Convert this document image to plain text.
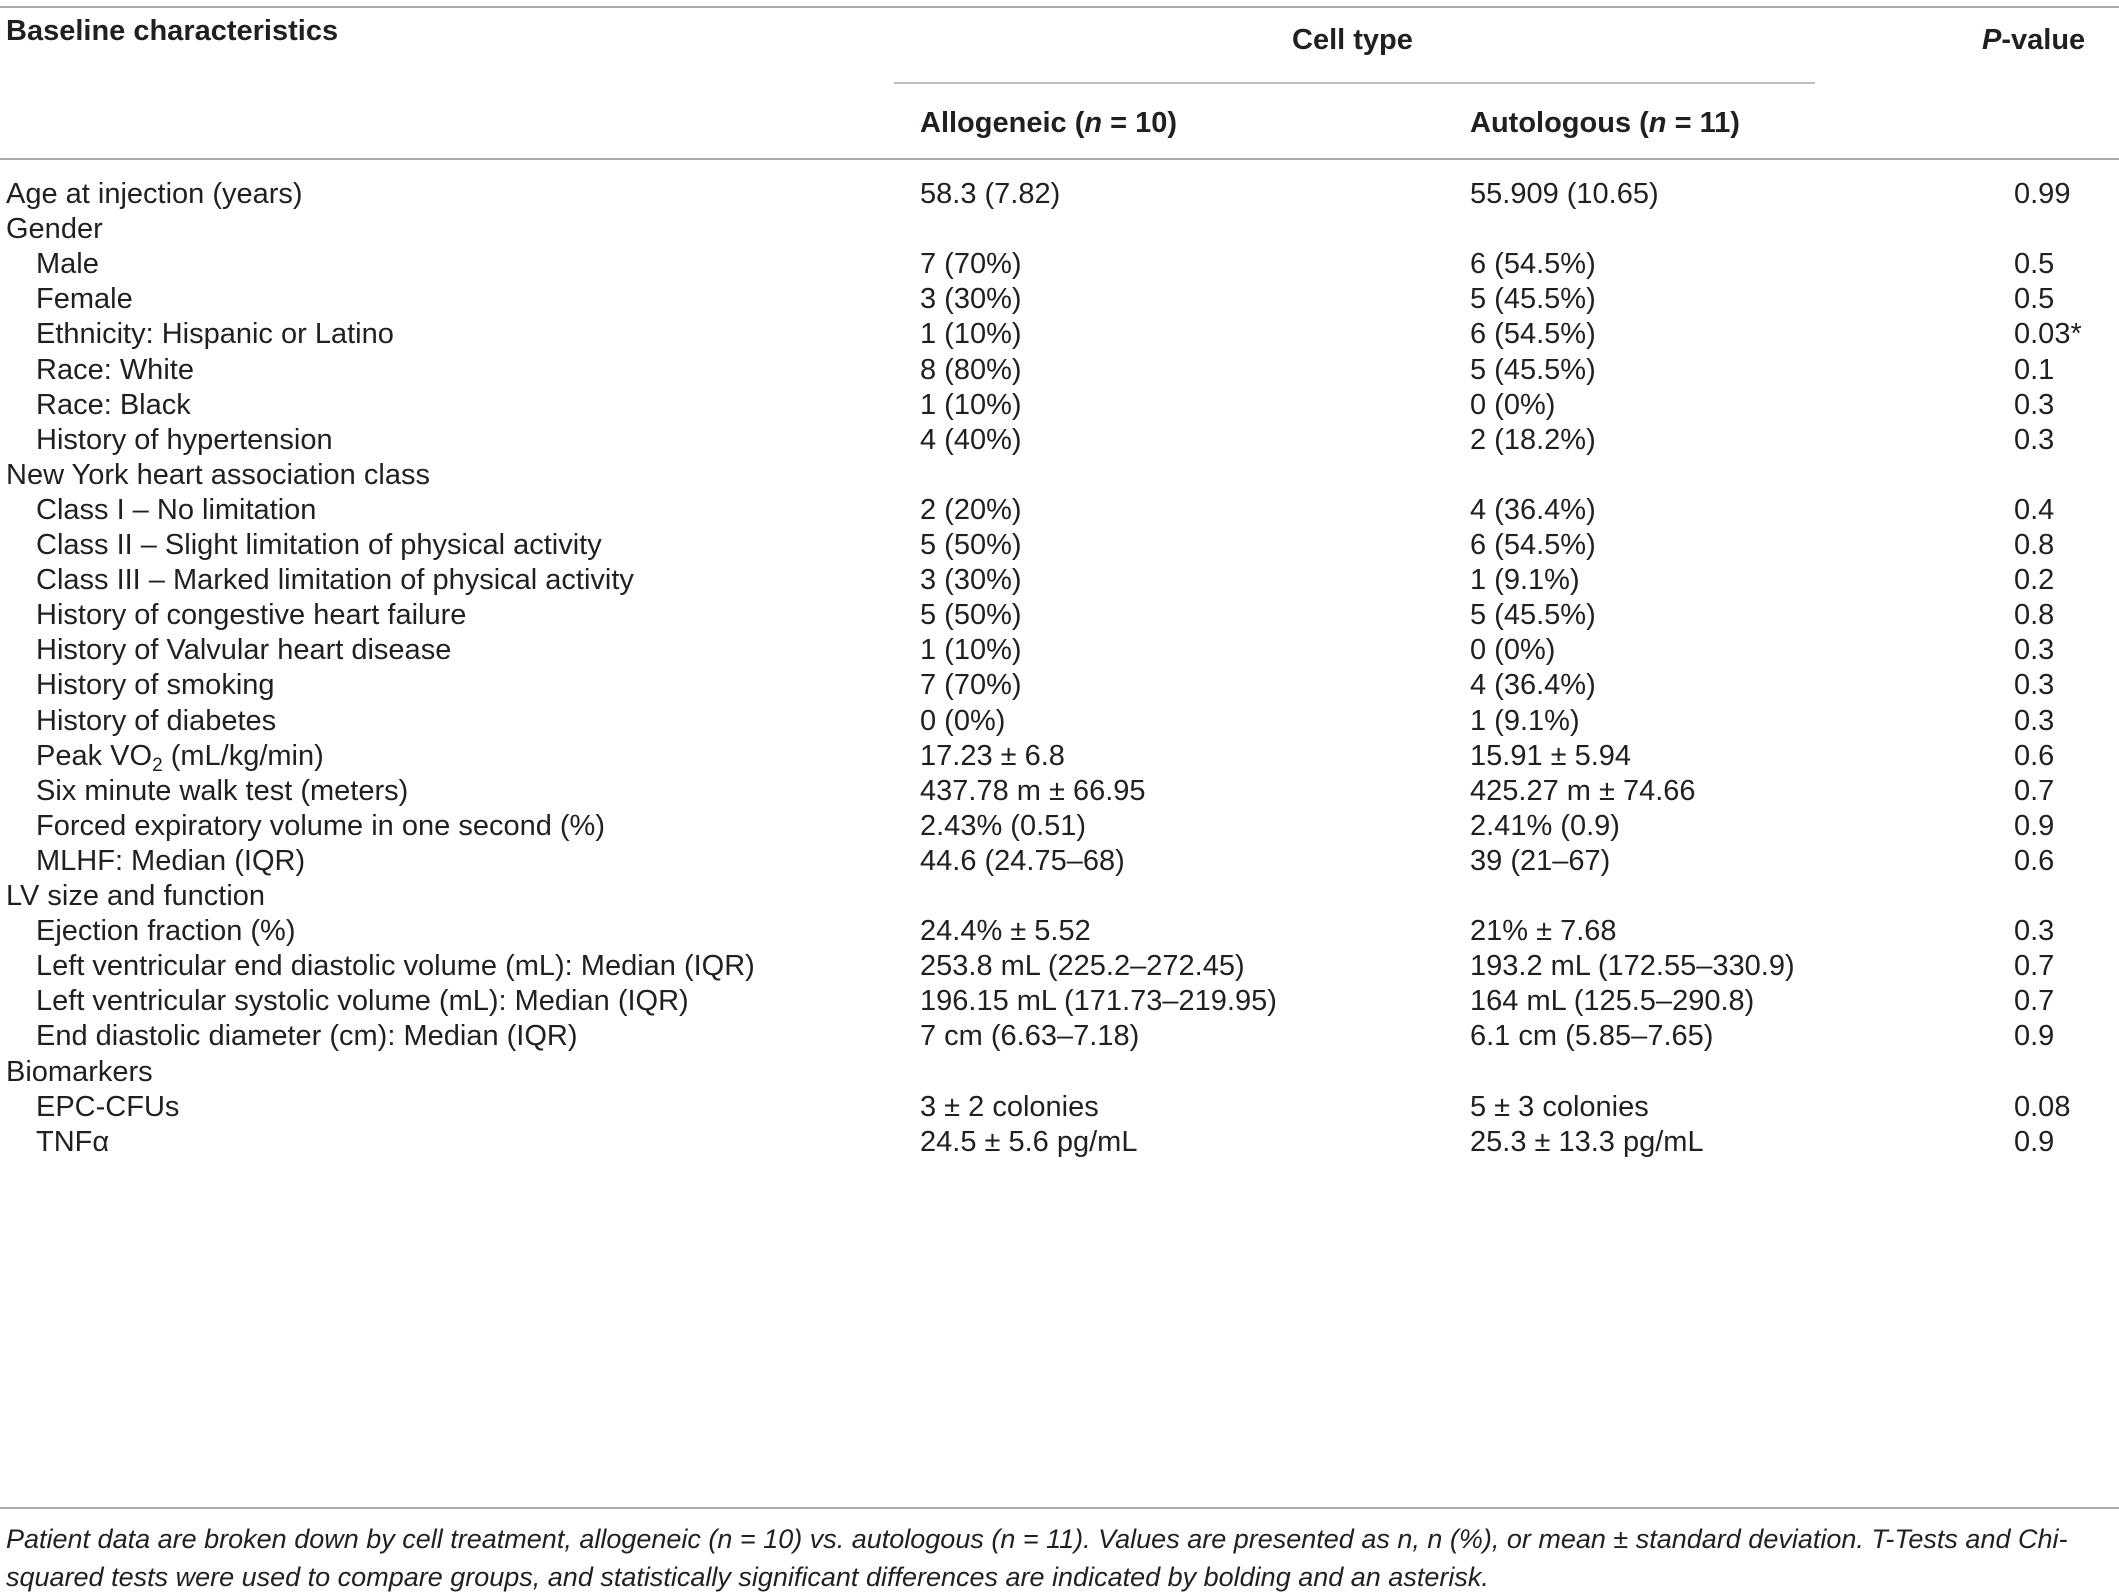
Baseline characteristics	Cell type	P-value
Allogeneic (n = 10)	Autologous (n = 11)
Age at injection (years)	58.3 (7.82)	55.909 (10.65)	0.99
Gender
Male	7 (70%)	6 (54.5%)	0.5
Female	3 (30%)	5 (45.5%)	0.5
Ethnicity: Hispanic or Latino	1 (10%)	6 (54.5%)	0.03*
Race: White	8 (80%)	5 (45.5%)	0.1
Race: Black	1 (10%)	0 (0%)	0.3
History of hypertension	4 (40%)	2 (18.2%)	0.3
New York heart association class
Class I – No limitation	2 (20%)	4 (36.4%)	0.4
Class II – Slight limitation of physical activity	5 (50%)	6 (54.5%)	0.8
Class III – Marked limitation of physical activity	3 (30%)	1 (9.1%)	0.2
History of congestive heart failure	5 (50%)	5 (45.5%)	0.8
History of Valvular heart disease	1 (10%)	0 (0%)	0.3
History of smoking	7 (70%)	4 (36.4%)	0.3
History of diabetes	0 (0%)	1 (9.1%)	0.3
Peak $VO_2$ (mL/kg/min)	17.23 ± 6.8	15.91 ± 5.94	0.6
Six minute walk test (meters)	437.78 m ± 66.95	425.27 m ± 74.66	0.7
Forced expiratory volume in one second (%)	2.43% (0.51)	2.41% (0.9)	0.9
MLHF: Median (IQR)	44.6 (24.75–68)	39 (21–67)	0.6
LV size and function
Ejection fraction (%)	24.4% ± 5.52	21% ± 7.68	0.3
Left ventricular end diastolic volume (mL): Median (IQR)	253.8 mL (225.2–272.45)	193.2 mL (172.55–330.9)	0.7
Left ventricular systolic volume (mL): Median (IQR)	196.15 mL (171.73–219.95)	164 mL (125.5–290.8)	0.7
End diastolic diameter (cm): Median (IQR)	7 cm (6.63–7.18)	6.1 cm (5.85–7.65)	0.9
Biomarkers
EPC-CFUs	3 ± 2 colonies	5 ± 3 colonies	0.08
TNFα	24.5 ± 5.6 pg/mL	25.3 ± 13.3 pg/mL	0.9
Patient data are broken down by cell treatment, allogeneic (n = 10) vs. autologous (n = 11). Values are presented as n, n (%), or mean ± standard deviation. T-Tests and Chi-squared tests were used to compare groups, and statistically significant differences are indicated by bolding and an asterisk.
